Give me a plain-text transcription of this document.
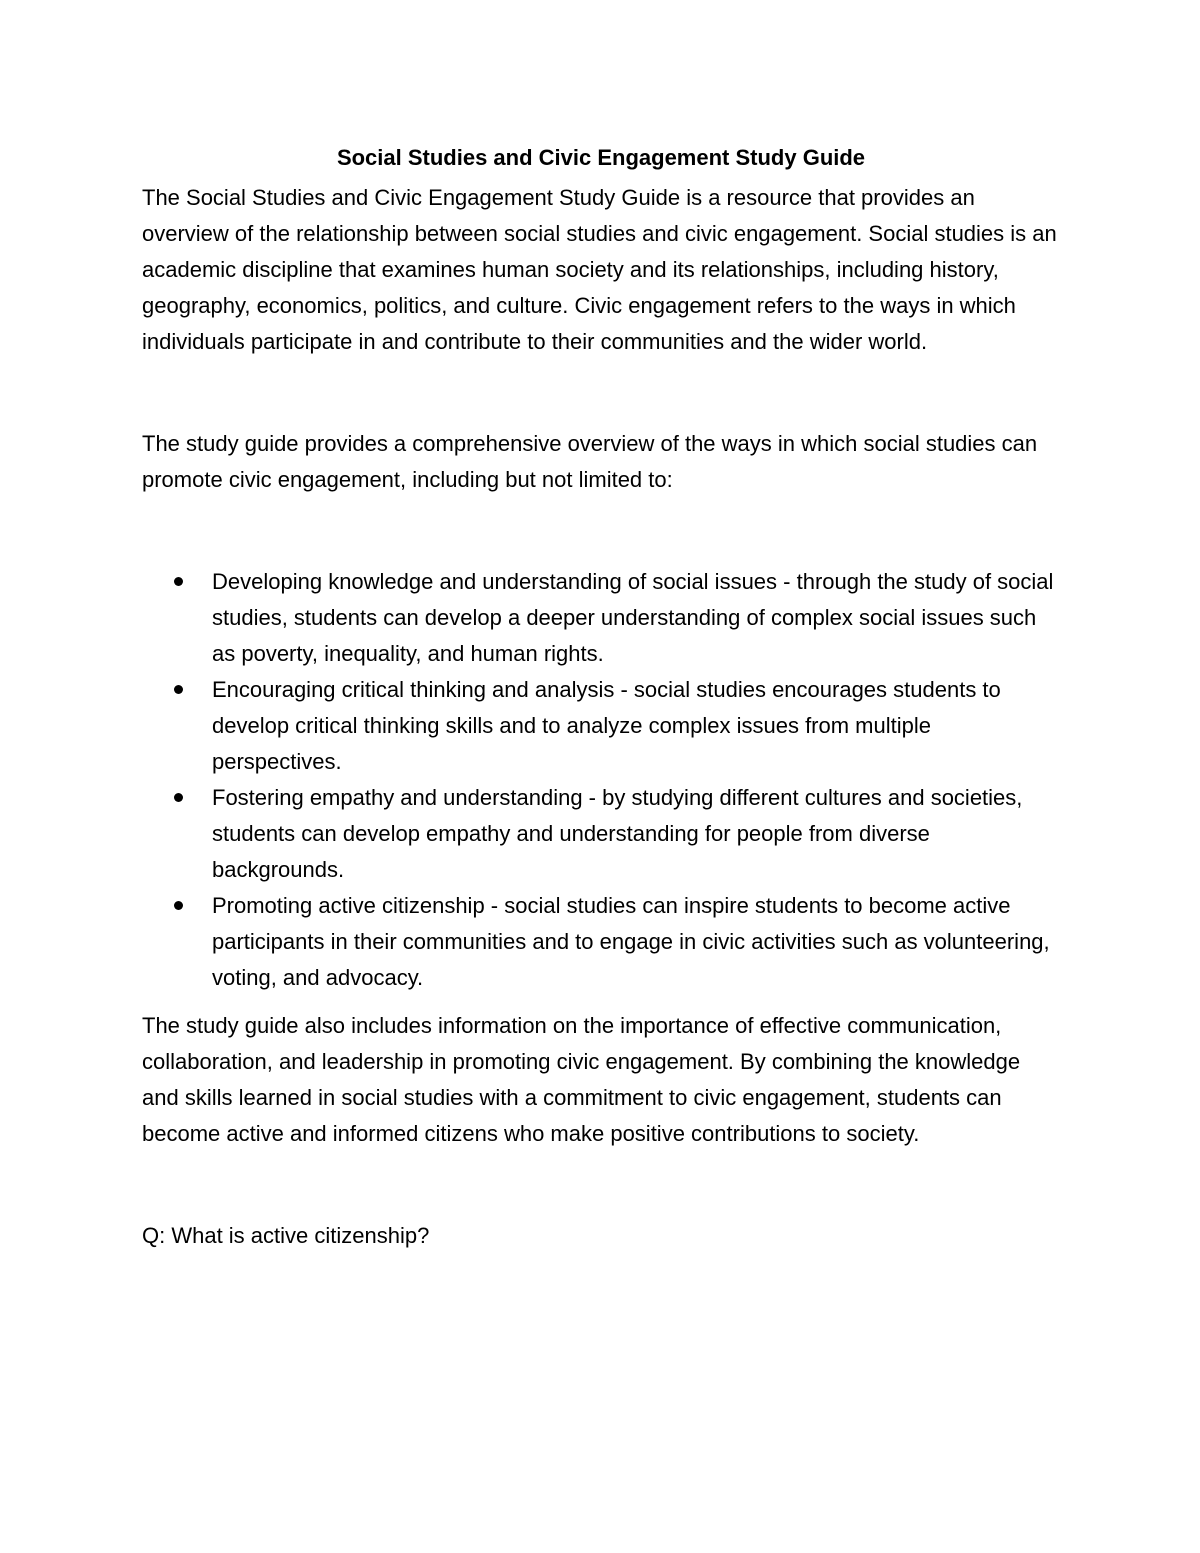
Social Studies and Civic Engagement Study Guide

The Social Studies and Civic Engagement Study Guide is a resource that provides an overview of the relationship between social studies and civic engagement. Social studies is an academic discipline that examines human society and its relationships, including history, geography, economics, politics, and culture. Civic engagement refers to the ways in which individuals participate in and contribute to their communities and the wider world.

The study guide provides a comprehensive overview of the ways in which social studies can promote civic engagement, including but not limited to:

Developing knowledge and understanding of social issues - through the study of social studies, students can develop a deeper understanding of complex social issues such as poverty, inequality, and human rights.
Encouraging critical thinking and analysis - social studies encourages students to develop critical thinking skills and to analyze complex issues from multiple perspectives.
Fostering empathy and understanding - by studying different cultures and societies, students can develop empathy and understanding for people from diverse backgrounds.
Promoting active citizenship - social studies can inspire students to become active participants in their communities and to engage in civic activities such as volunteering, voting, and advocacy.

The study guide also includes information on the importance of effective communication, collaboration, and leadership in promoting civic engagement. By combining the knowledge and skills learned in social studies with a commitment to civic engagement, students can become active and informed citizens who make positive contributions to society.

Q: What is active citizenship?
